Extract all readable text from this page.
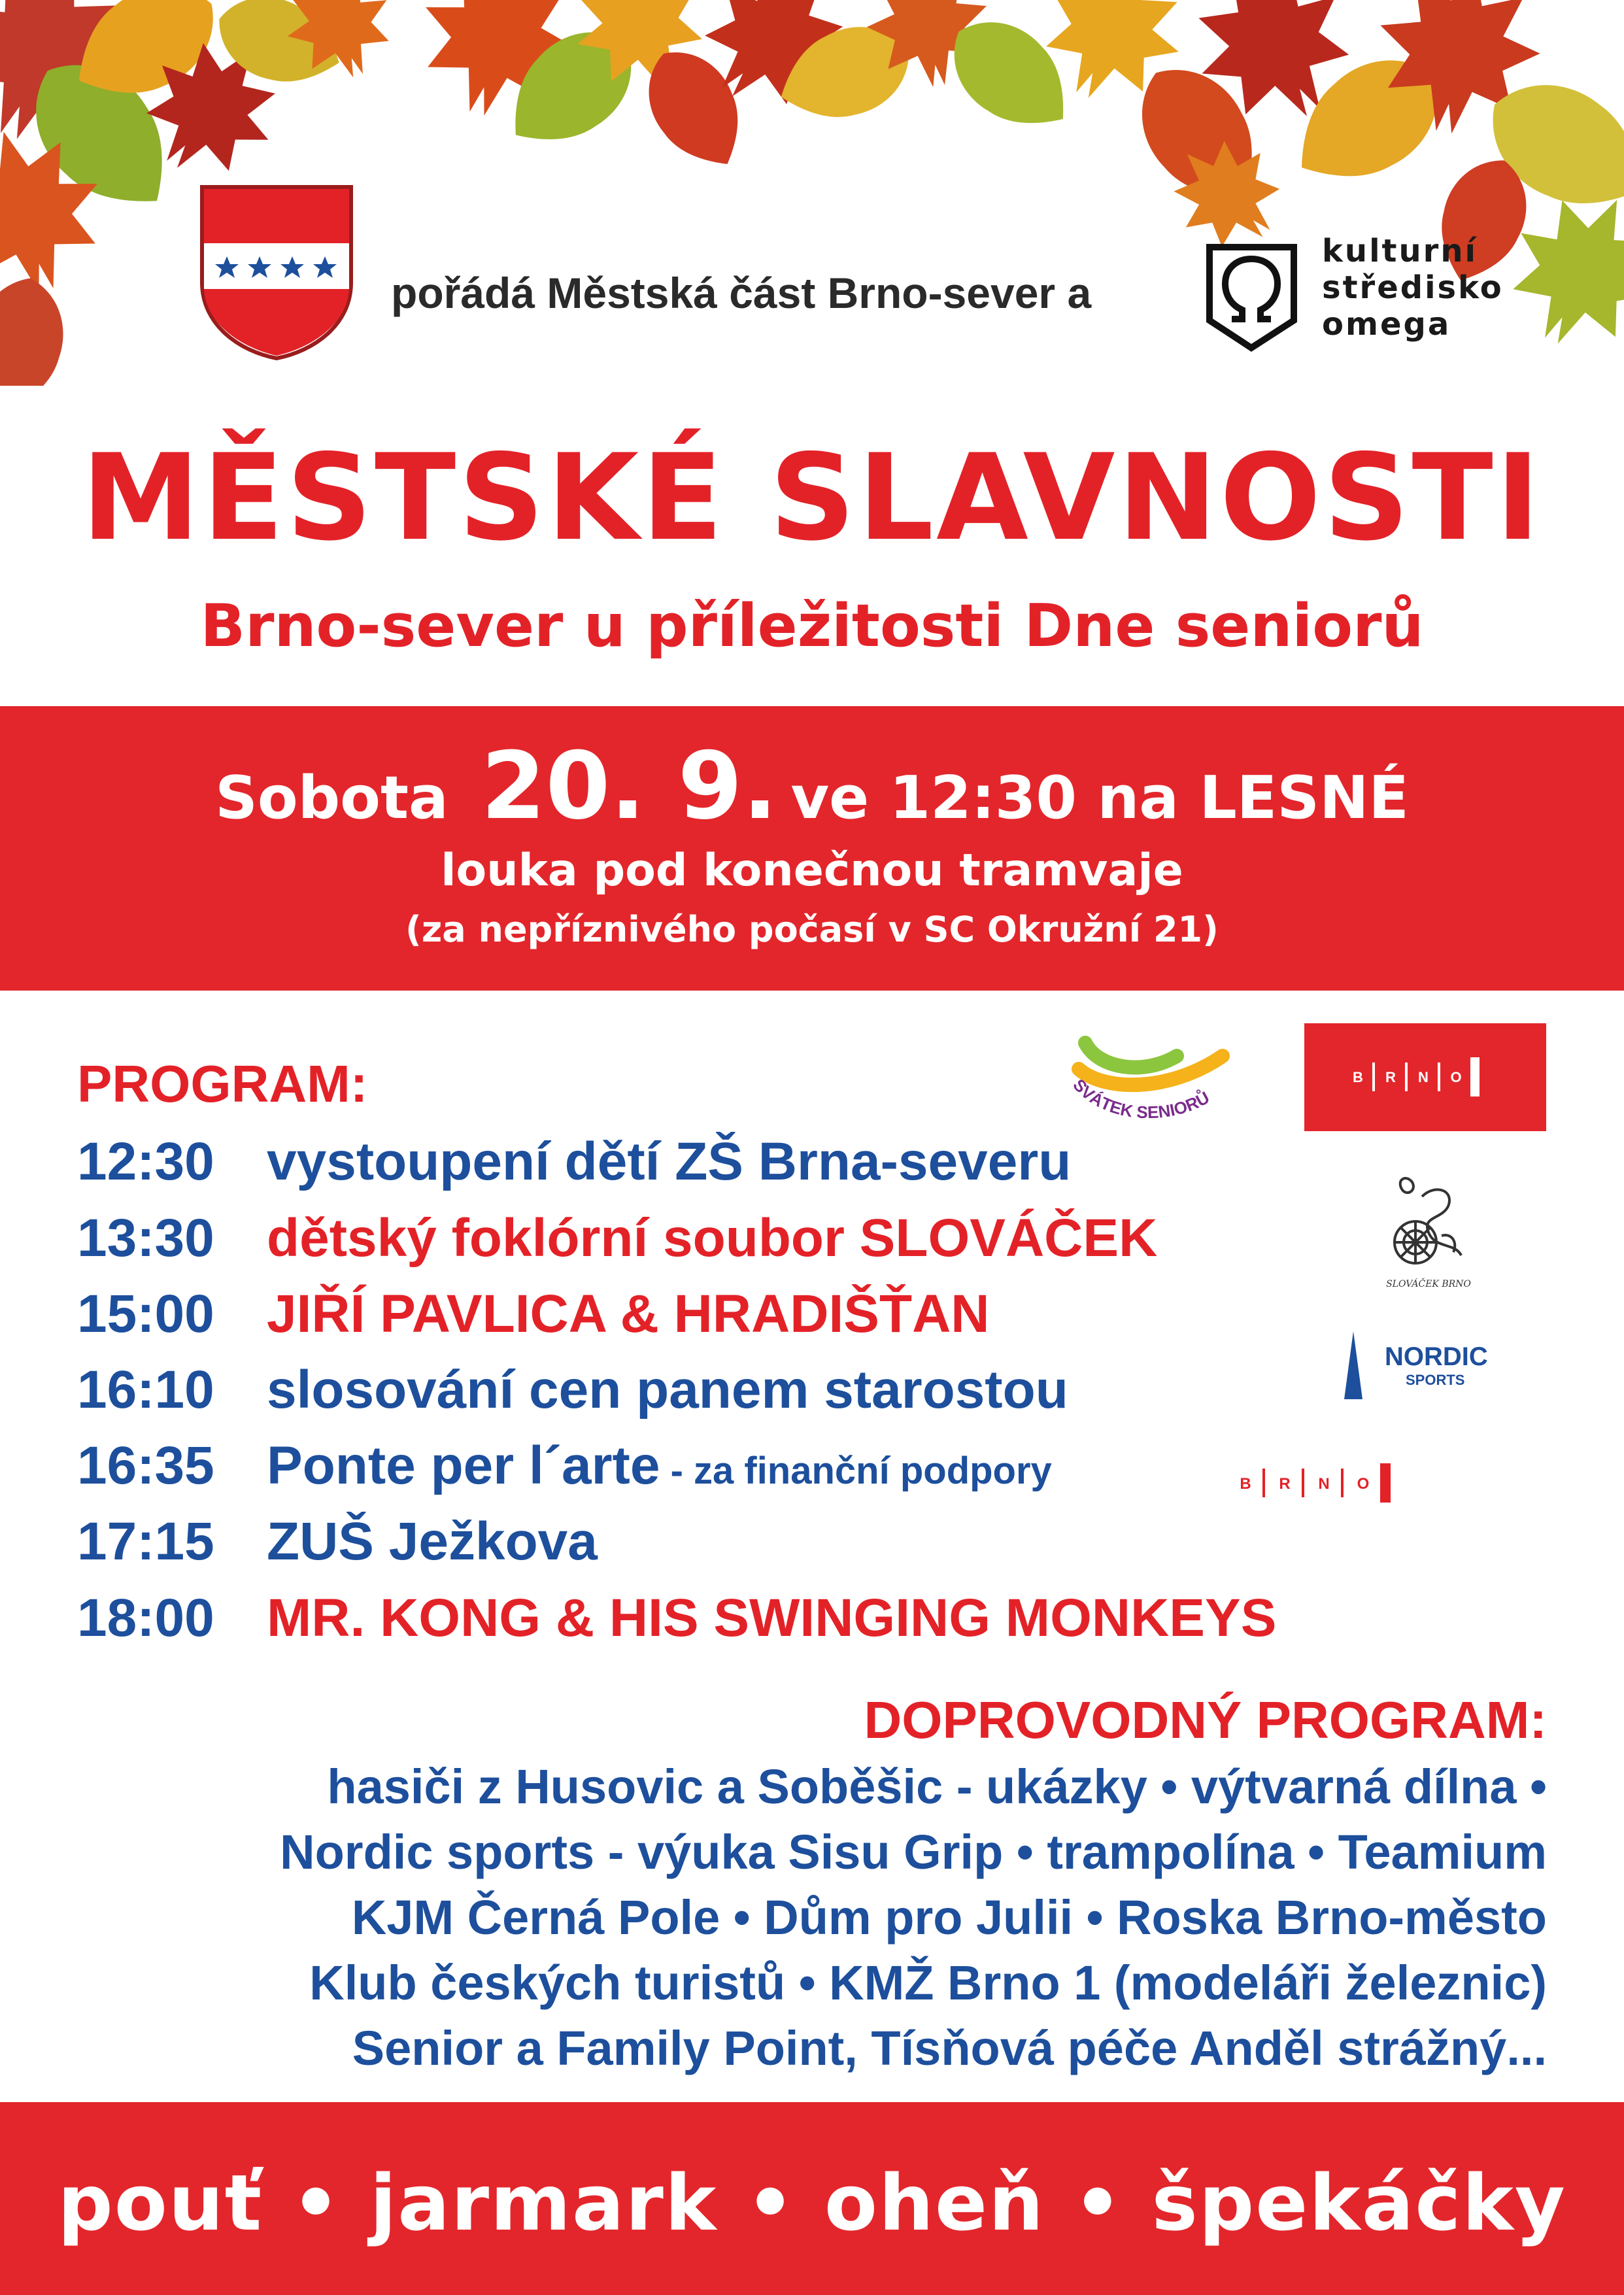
pořádá Městská část Brno-sever a
kulturní
středisko
omega
MĚSTSKÉ SLAVNOSTI
Brno-sever u příležitosti Dne seniorů
Sobota 20. 9. ve 12:30 na LESNÉ
louka pod konečnou tramvaje
(za nepříznivého počasí v SC Okružní 21)
PROGRAM:
12:30 vystoupení dětí ZŠ Brna-severu
13:30 dětský foklórní soubor SLOVÁČEK
15:00 JIŘÍ PAVLICA & HRADIŠŤAN
16:10 slosování cen panem starostou
16:35 Ponte per l´arte - za finanční podpory
17:15 ZUŠ Ježkova
18:00 MR. KONG & HIS SWINGING MONKEYS
SVÁTEK SENIORŮ
B R N O
SLOVÁČEK BRNO
NORDIC
SPORTS
B R N O
DOPROVODNÝ PROGRAM:
hasiči z Husovic a Soběšic - ukázky • výtvarná dílna •
Nordic sports - výuka Sisu Grip • trampolína • Teamium
KJM Černá Pole • Dům pro Julii • Roska Brno-město
Klub českých turistů • KMŽ Brno 1 (modeláři železnic)
Senior a Family Point, Tísňová péče Anděl strážný...
pouť • jarmark • oheň • špekáčky
